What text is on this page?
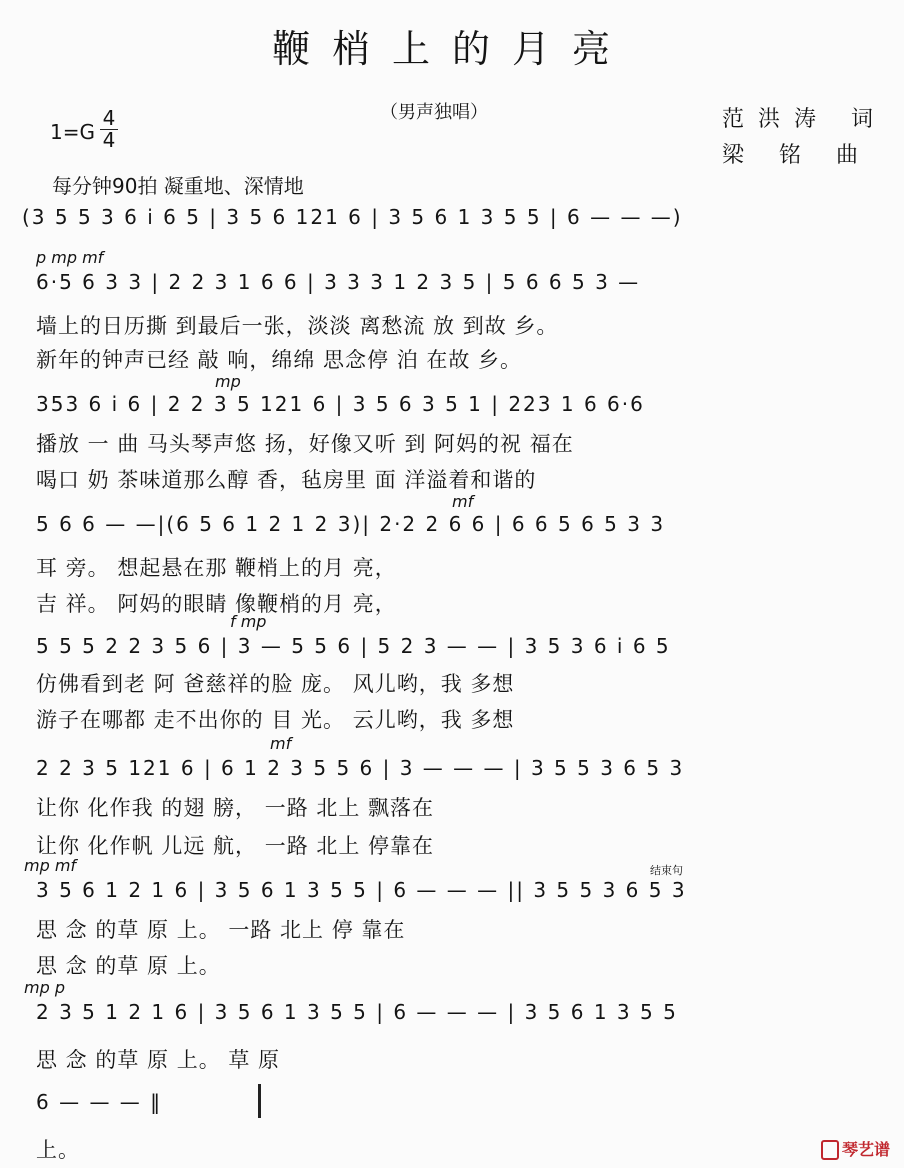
鞭梢上的月亮
（男声独唱）	范洪涛 词
梁 铭 曲
1=G
4
4
每分钟90拍 凝重地、深情地
(3 5 5 3 6 i 6 5 | 3 5 6 121 6 | 3 5 6 1 3 5 5 | 6 — — —)
p mp mf
6·5 6 3 3 | 2 2 3 1 6 6 | 3 3 3 1 2 3 5 | 5 6 6 5 3 —
墙上的日历撕 到最后一张，淡淡 离愁流 放 到故 乡。
新年的钟声已经 敲 响，绵绵 思念停 泊 在故 乡。
mp
353 6 i 6 | 2 2 3 5 121 6 | 3 5 6 3 5 1 | 223 1 6 6·6
播放 一 曲 马头琴声悠 扬，好像又听 到 阿妈的祝 福在
喝口 奶 茶味道那么醇 香，毡房里 面 洋溢着和谐的
mf
5 6 6 — —|(6 5 6 1 2 1 2 3)| 2·2 2 6 6 | 6 6 5 6 5 3 3
耳 旁。 想起悬在那 鞭梢上的月 亮，
吉 祥。 阿妈的眼睛 像鞭梢的月 亮，
f mp
5 5 5 2 2 3 5 6 | 3 — 5 5 6 | 5 2 3 — — | 3 5 3 6 i 6 5
仿佛看到老 阿 爸慈祥的脸 庞。 风儿哟，我 多想
游子在哪都 走不出你的 目 光。 云儿哟，我 多想
mf
2 2 3 5 121 6 | 6 1 2 3 5 5 6 | 3 — — — | 3 5 5 3 6 5 3
让你 化作我 的翅 膀， 一路 北上 飘落在
让你 化作帆 儿远 航， 一路 北上 停靠在
mp mf	结束句
3 5 6 1 2 1 6 | 3 5 6 1 3 5 5 | 6 — — — || 3 5 5 3 6 5 3
思 念 的草 原 上。 一路 北上 停 靠在
思 念 的草 原 上。
mp p
2 3 5 1 2 1 6 | 3 5 6 1 3 5 5 | 6 — — — | 3 5 6 1 3 5 5
思 念 的草 原 上。 草 原
6 — — — ‖
上。	琴艺谱
